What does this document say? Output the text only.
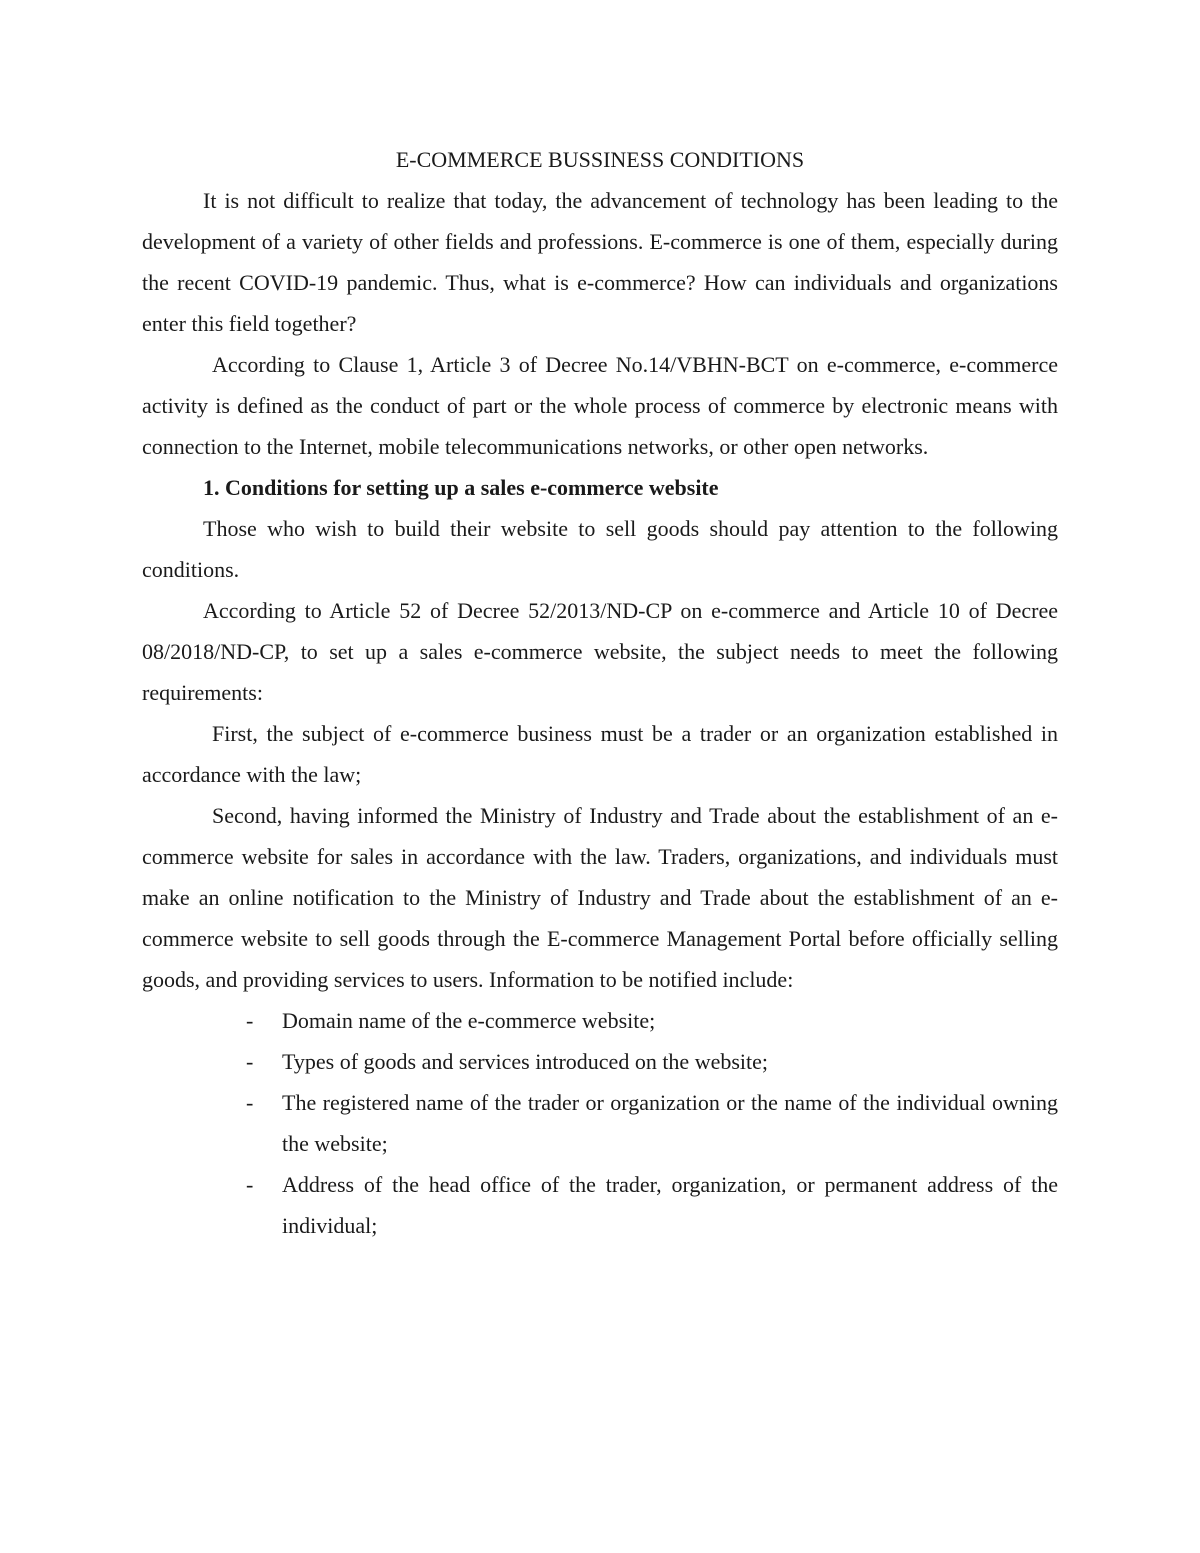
E-COMMERCE BUSSINESS CONDITIONS

It is not difficult to realize that today, the advancement of technology has been leading to the development of a variety of other fields and professions. E-commerce is one of them, especially during the recent COVID-19 pandemic. Thus, what is e-commerce? How can individuals and organizations enter this field together?

According to Clause 1, Article 3 of Decree No.14/VBHN-BCT on e-commerce, e-commerce activity is defined as the conduct of part or the whole process of commerce by electronic means with connection to the Internet, mobile telecommunications networks, or other open networks.

1. Conditions for setting up a sales e-commerce website

Those who wish to build their website to sell goods should pay attention to the following conditions.

According to Article 52 of Decree 52/2013/ND-CP on e-commerce and Article 10 of Decree 08/2018/ND-CP, to set up a sales e-commerce website, the subject needs to meet the following requirements:

First, the subject of e-commerce business must be a trader or an organization established in accordance with the law;

Second, having informed the Ministry of Industry and Trade about the establishment of an e-commerce website for sales in accordance with the law. Traders, organizations, and individuals must make an online notification to the Ministry of Industry and Trade about the establishment of an e-commerce website to sell goods through the E-commerce Management Portal before officially selling goods, and providing services to users. Information to be notified include:

- Domain name of the e-commerce website;
- Types of goods and services introduced on the website;
- The registered name of the trader or organization or the name of the individual owning the website;
- Address of the head office of the trader, organization, or permanent address of the individual;
